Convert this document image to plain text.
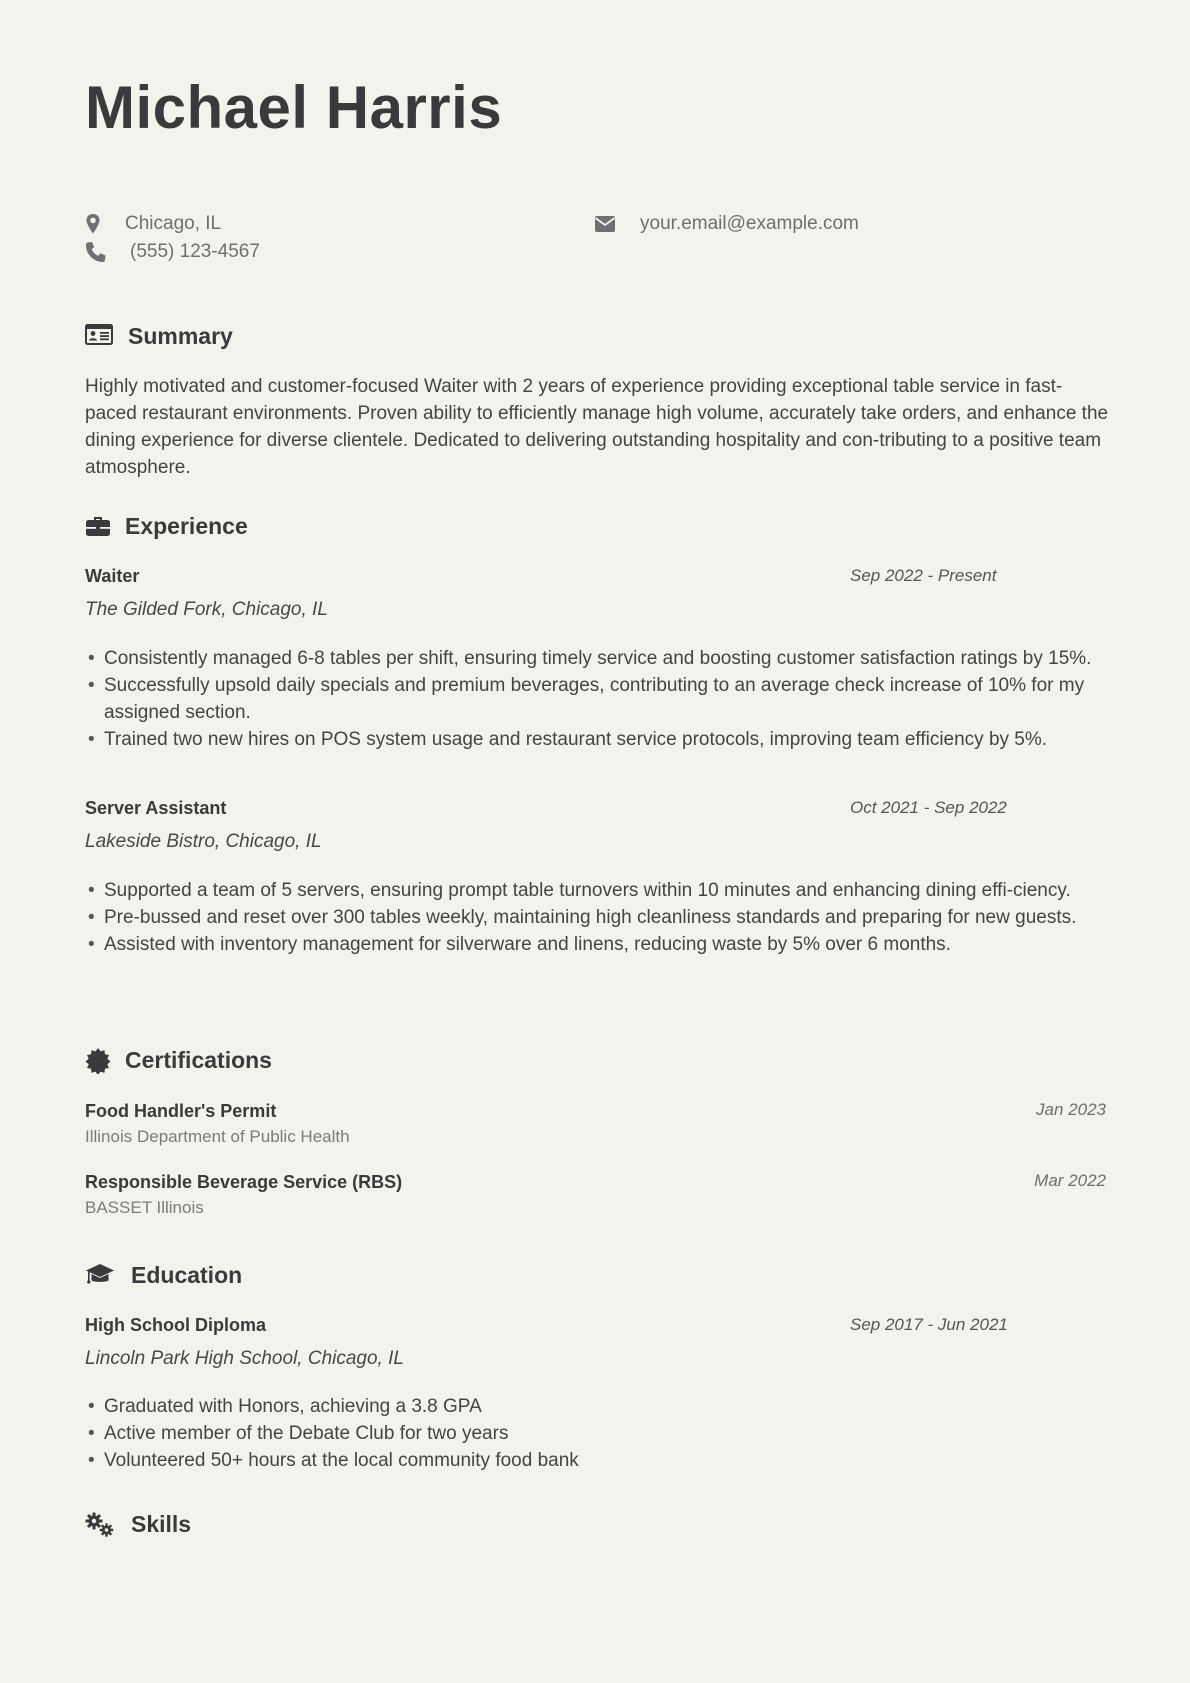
Michael Harris
Chicago, IL
(555) 123-4567
your.email@example.com
Summary

Highly motivated and customer-focused Waiter with 2 years of experience providing exceptional table service in fast-paced restaurant environments. Proven ability to efficiently manage high volume, accurately take orders, and enhance the dining experience for diverse clientele. Dedicated to delivering outstanding hospitality and con-tributing to a positive team atmosphere.

Experience
Waiter	Sep 2022 - Present
The Gilded Fork, Chicago, IL
• Consistently managed 6-8 tables per shift, ensuring timely service and boosting customer satisfaction ratings by 15%.
• Successfully upsold daily specials and premium beverages, contributing to an average check increase of 10% for my assigned section.
• Trained two new hires on POS system usage and restaurant service protocols, improving team efficiency by 5%.
Server Assistant	Oct 2021 - Sep 2022
Lakeside Bistro, Chicago, IL
• Supported a team of 5 servers, ensuring prompt table turnovers within 10 minutes and enhancing dining effi-ciency.
• Pre-bussed and reset over 300 tables weekly, maintaining high cleanliness standards and preparing for new guests.
• Assisted with inventory management for silverware and linens, reducing waste by 5% over 6 months.
Certifications
Food Handler's Permit	Jan 2023
Illinois Department of Public Health
Responsible Beverage Service (RBS)	Mar 2022
BASSET Illinois
Education
High School Diploma	Sep 2017 - Jun 2021
Lincoln Park High School, Chicago, IL
• Graduated with Honors, achieving a 3.8 GPA
• Active member of the Debate Club for two years
• Volunteered 50+ hours at the local community food bank
Skills
